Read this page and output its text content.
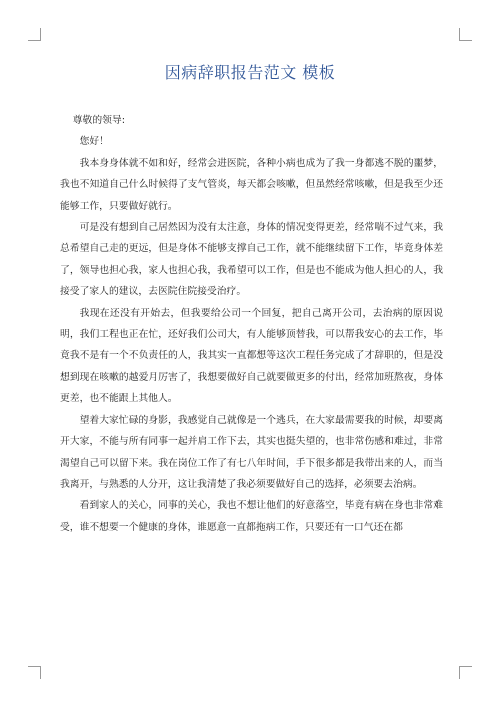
因病辞职报告范文 模板

尊敬的领导:

您好！

我本身身体就不如和好，经常会进医院，各种小病也成为了我一身都逃不脱的噩梦，我也不知道自己什么时候得了支气管炎，每天都会咳嗽，但虽然经常咳嗽，但是我至少还能够工作，只要做好就行。

可是没有想到自己居然因为没有太注意，身体的情况变得更差，经常喘不过气来，我总希望自己走的更远，但是身体不能够支撑自己工作，就不能继续留下工作，毕竟身体差了，领导也担心我，家人也担心我，我希望可以工作，但是也不能成为他人担心的人，我接受了家人的建议，去医院住院接受治疗。

我现在还没有开始去，但我要给公司一个回复，把自己离开公司，去治病的原因说明，我们工程也正在忙，还好我们公司大，有人能够顶替我，可以帮我安心的去工作，毕竟我不是有一个不负责任的人，我其实一直都想等这次工程任务完成了才辞职的，但是没想到现在咳嗽的越爱月厉害了，我想要做好自己就要做更多的付出，经常加班熬夜，身体更差，也不能跟上其他人。

望着大家忙碌的身影，我感觉自己就像是一个逃兵，在大家最需要我的时候，却要离开大家，不能与所有同事一起并肩工作下去，其实也挺失望的，也非常伤感和难过，非常渴望自己可以留下来。我在岗位工作了有七八年时间，手下很多都是我带出来的人，而当我离开，与熟悉的人分开，这让我清楚了我必须要做好自己的选择，必须要去治病。

看到家人的关心，同事的关心，我也不想让他们的好意落空，毕竟有病在身也非常难受，谁不想要一个健康的身体，谁愿意一直都拖病工作，只要还有一口气还在都
